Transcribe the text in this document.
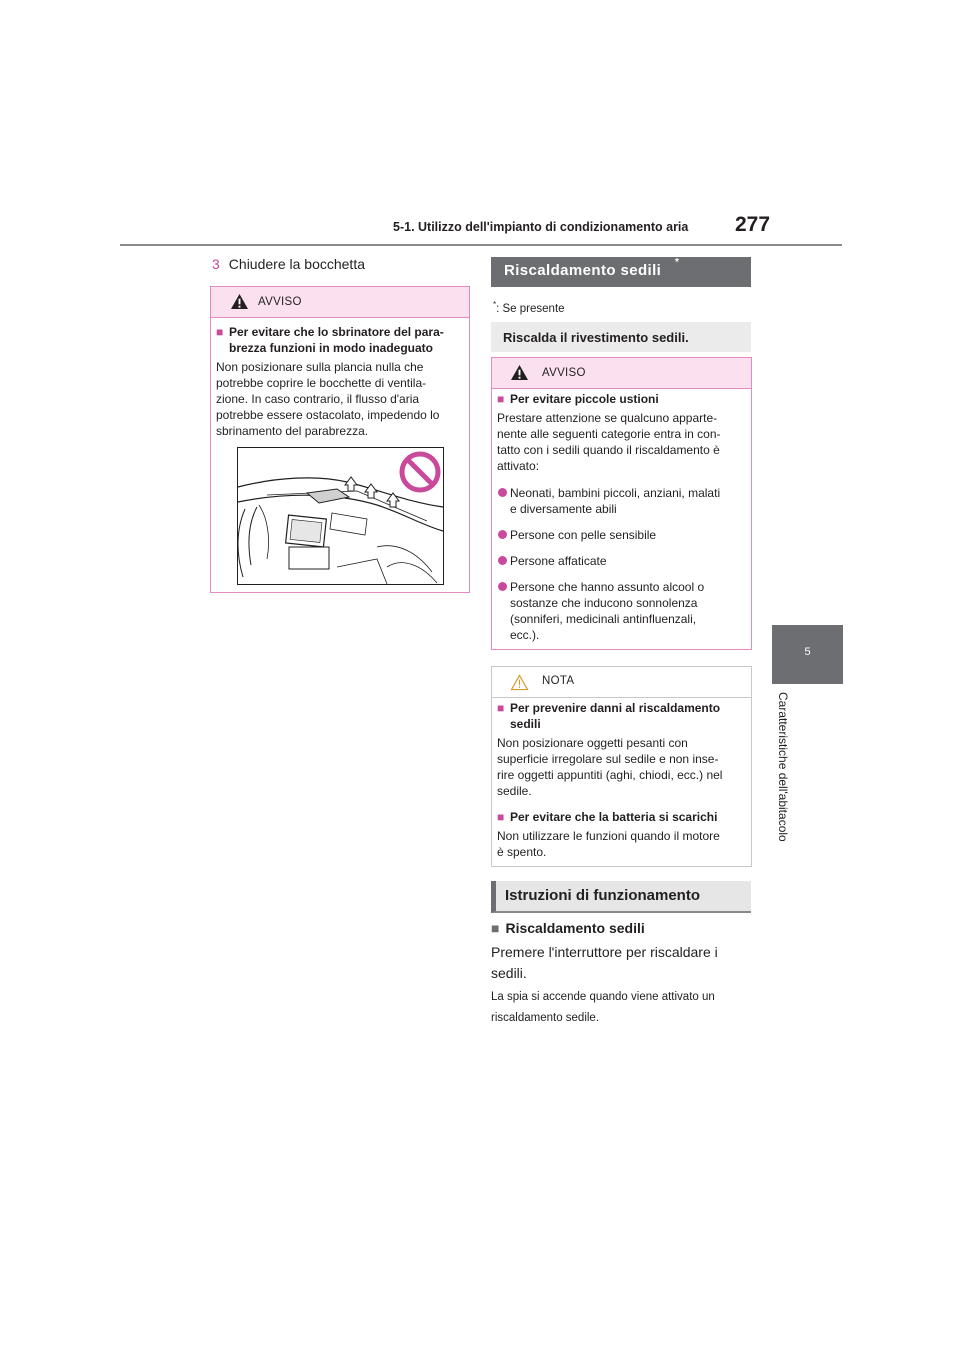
5-1. Utilizzo dell'impianto di condizionamento aria 277
5
Caratteristiche dell'abitacolo
3 Chiudere la bocchetta
AVVISO
■ Per evitare che lo sbrinatore del para-
brezza funzioni in modo inadeguato
Non posizionare sulla plancia nulla che
potrebbe coprire le bocchette di ventila-
zione. In caso contrario, il flusso d'aria
potrebbe essere ostacolato, impedendo lo
sbrinamento del parabrezza.
Riscaldamento sedili *
*: Se presente
Riscalda il rivestimento sedili.
AVVISO
■ Per evitare piccole ustioni
Prestare attenzione se qualcuno apparte-
nente alle seguenti categorie entra in con-
tatto con i sedili quando il riscaldamento è
attivato:
Neonati, bambini piccoli, anziani, malati
e diversamente abili
Persone con pelle sensibile
Persone affaticate
Persone che hanno assunto alcool o
sostanze che inducono sonnolenza
(sonniferi, medicinali antinfluenzali,
ecc.).
NOTA
■ Per prevenire danni al riscaldamento
sedili
Non posizionare oggetti pesanti con
superficie irregolare sul sedile e non inse-
rire oggetti appuntiti (aghi, chiodi, ecc.) nel
sedile.
■ Per evitare che la batteria si scarichi
Non utilizzare le funzioni quando il motore
è spento.
Istruzioni di funzionamento
■ Riscaldamento sedili
Premere l'interruttore per riscaldare i
sedili.
La spia si accende quando viene attivato un
riscaldamento sedile.
